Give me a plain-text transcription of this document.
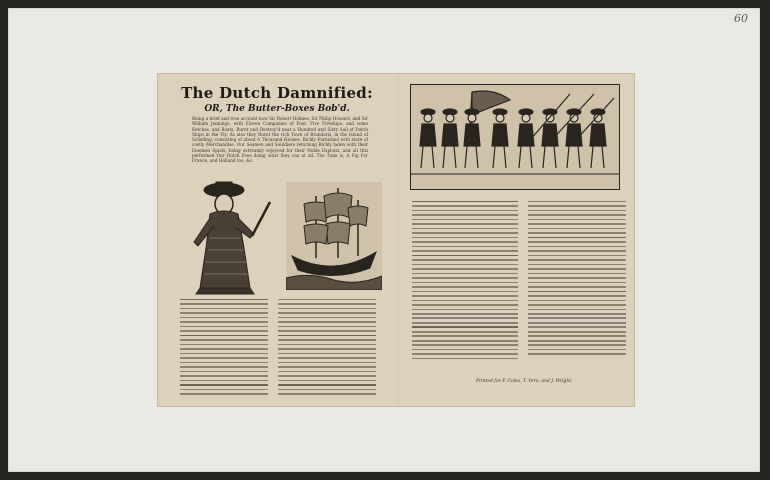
60
The Dutch Damnified:
OR, The Butter-Boxes Bob'd.
Being a brief and true account how Sir Robert Holmes, Sir Philip Howard, and Sir William Jennings, with Eleven Companies of Foot, Five Fireships, and some Ketches, and Boats, Burnt and Destroy'd near a Hundred and Sixty Sail of Dutch Ships in the Vly. As also they Burnt the rich Town of Brandaris, in the Island of Schelling, consisting of about A Thousand Houses, Richly Furnished with store of costly Merchandise. Our Seamen and Souldiers returning Richly laden with their Enemies Spoils, being extreamly rejoyced for their Noble Exploits, and all this performed Our Dutch Foes doing what they can at all. The Tune is, A Fig For France, and Holland too, &c.
Printed for F. Coles, T. Vere, and J. Wright.
